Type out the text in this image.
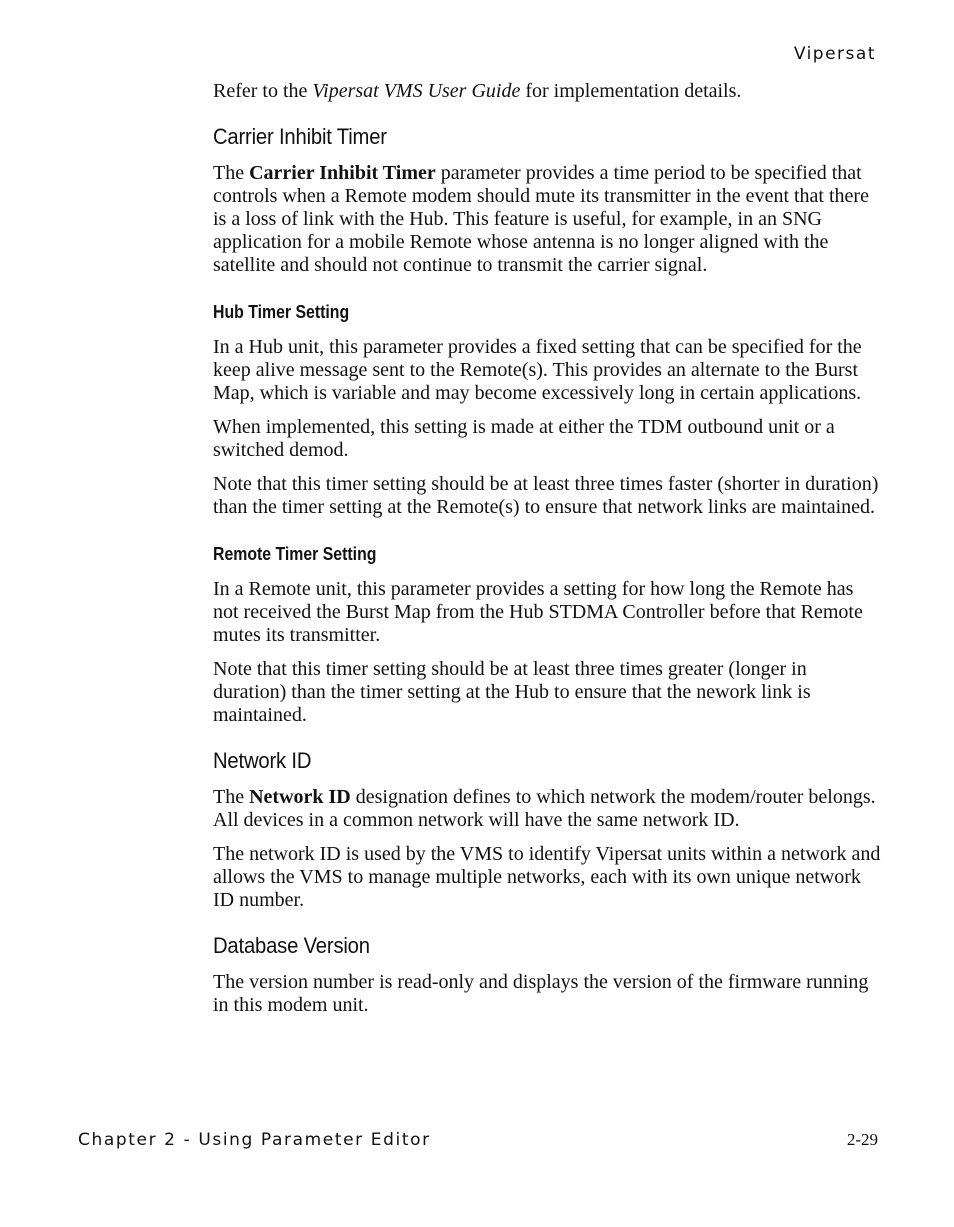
Vipersat

Refer to the Vipersat VMS User Guide for implementation details.

Carrier Inhibit Timer

The Carrier Inhibit Timer parameter provides a time period to be specified that controls when a Remote modem should mute its transmitter in the event that there is a loss of link with the Hub. This feature is useful, for example, in an SNG application for a mobile Remote whose antenna is no longer aligned with the satellite and should not continue to transmit the carrier signal.

Hub Timer Setting

In a Hub unit, this parameter provides a fixed setting that can be specified for the keep alive message sent to the Remote(s). This provides an alternate to the Burst Map, which is variable and may become excessively long in certain applications.

When implemented, this setting is made at either the TDM outbound unit or a switched demod.

Note that this timer setting should be at least three times faster (shorter in duration) than the timer setting at the Remote(s) to ensure that network links are maintained.

Remote Timer Setting

In a Remote unit, this parameter provides a setting for how long the Remote has not received the Burst Map from the Hub STDMA Controller before that Remote mutes its transmitter.

Note that this timer setting should be at least three times greater (longer in duration) than the timer setting at the Hub to ensure that the nework link is maintained.

Network ID

The Network ID designation defines to which network the modem/router belongs. All devices in a common network will have the same network ID.

The network ID is used by the VMS to identify Vipersat units within a network and allows the VMS to manage multiple networks, each with its own unique network ID number.

Database Version

The version number is read-only and displays the version of the firmware running in this modem unit.

Chapter 2 - Using Parameter Editor	2-29
